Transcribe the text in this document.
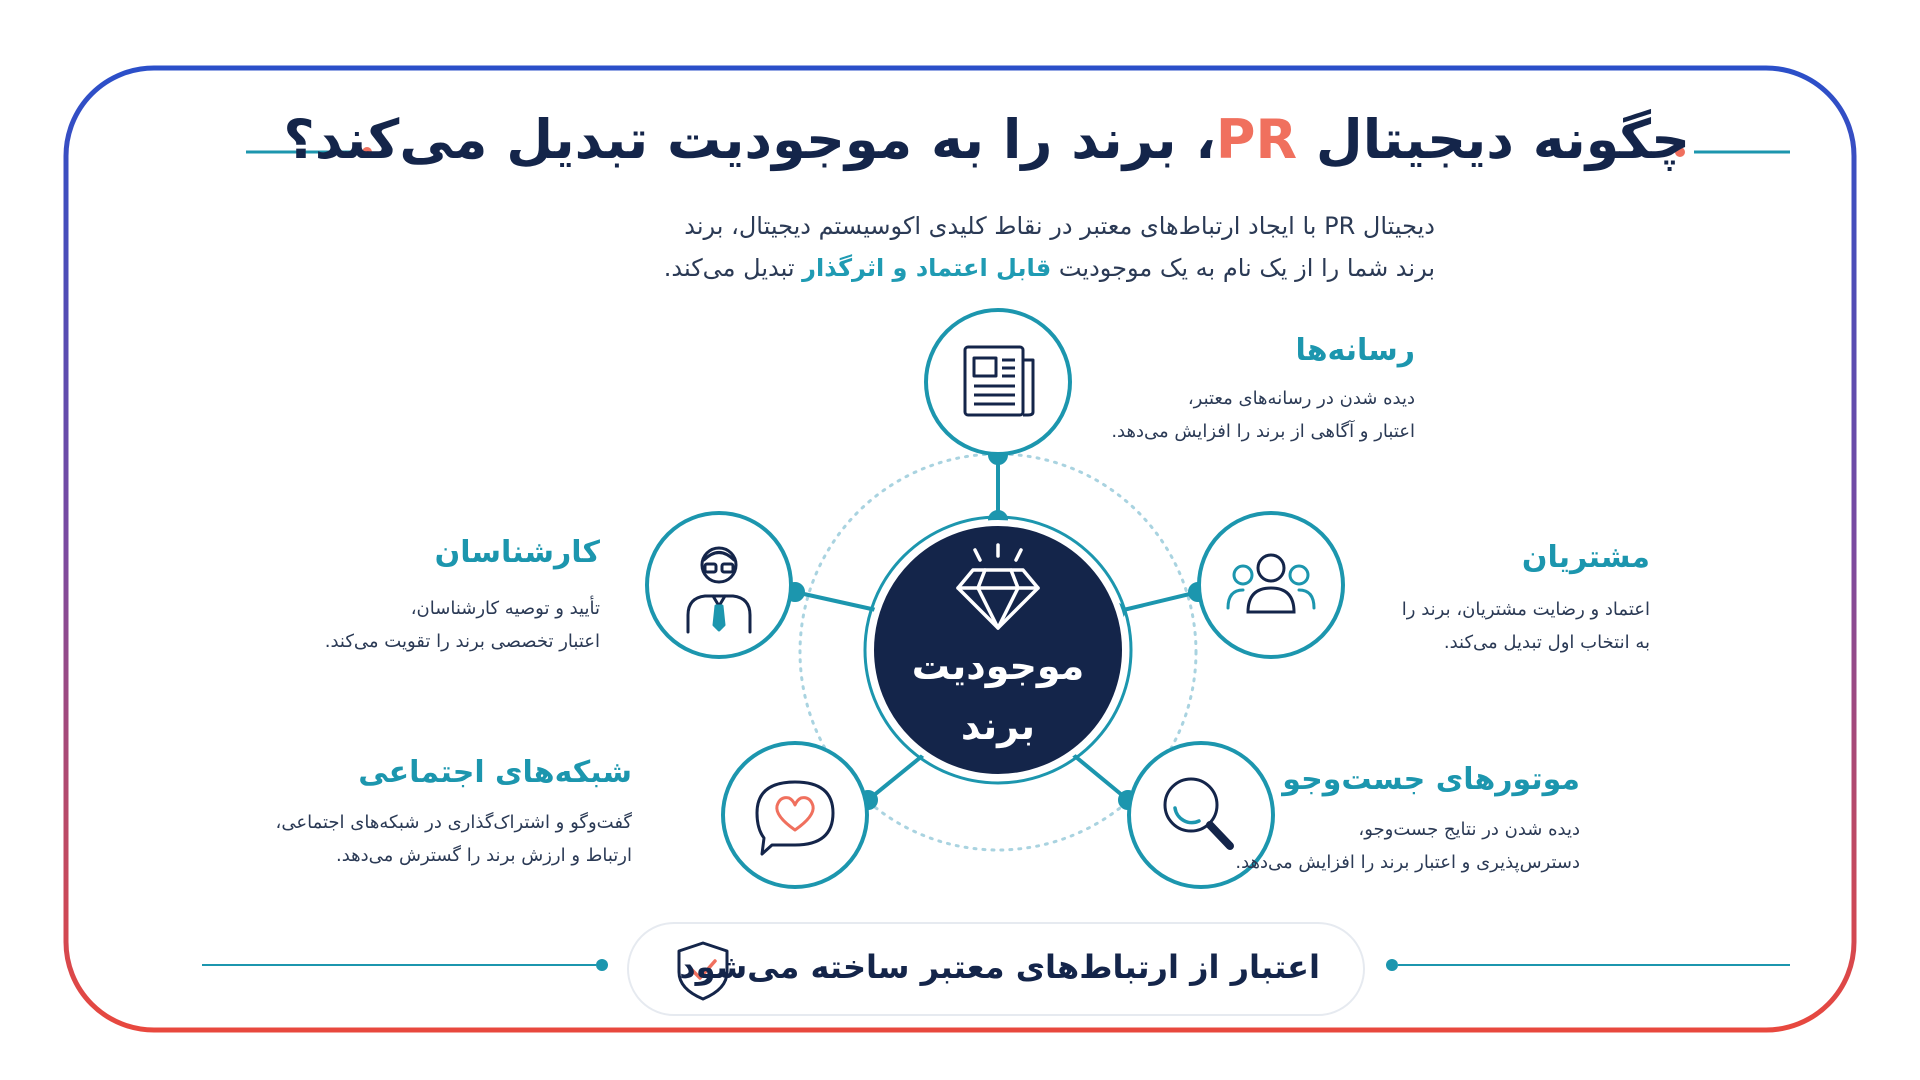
چگونه دیجیتال PR، برند را به موجودیت تبدیل می‌کند؟
دیجیتال PR با ایجاد ارتباط‌های معتبر در نقاط کلیدی اکوسیستم دیجیتال، برند
برند شما را از یک نام به یک موجودیت قابل اعتماد و اثرگذار تبدیل می‌کند.
موجودیت
برند
رسانه‌ها
دیده شدن در رسانه‌های معتبر،
اعتبار و آگاهی از برند را افزایش می‌دهد.
مشتریان
اعتماد و رضایت مشتریان، برند را
به انتخاب اول تبدیل می‌کند.
موتورهای جست‌وجو
دیده شدن در نتایج جست‌وجو،
دسترس‌پذیری و اعتبار برند را افزایش می‌دهد.
کارشناسان
تأیید و توصیه کارشناسان،
اعتبار تخصصی برند را تقویت می‌کند.
شبکه‌های اجتماعی
گفت‌وگو و اشتراک‌گذاری در شبکه‌های اجتماعی،
ارتباط و ارزش برند را گسترش می‌دهد.
اعتبار از ارتباط‌های معتبر ساخته می‌شود
